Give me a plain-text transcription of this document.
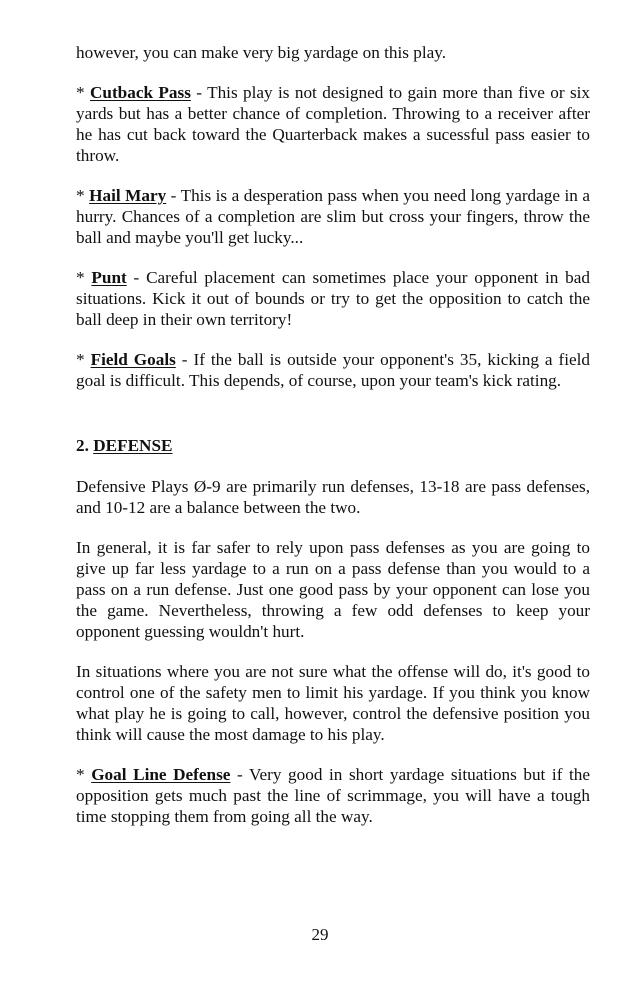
however, you can make very big yardage on this play.

* Cutback Pass - This play is not designed to gain more than five or six yards but has a better chance of completion. Throwing to a receiver after he has cut back toward the Quarterback makes a sucessful pass easier to throw.

* Hail Mary - This is a desperation pass when you need long yardage in a hurry. Chances of a completion are slim but cross your fingers, throw the ball and maybe you'll get lucky...

* Punt - Careful placement can sometimes place your opponent in bad situations. Kick it out of bounds or try to get the opposition to catch the ball deep in their own territory!

* Field Goals - If the ball is outside your opponent's 35, kicking a field goal is difficult. This depends, of course, upon your team's kick rating.

2. DEFENSE

Defensive Plays Ø-9 are primarily run defenses, 13-18 are pass defenses, and 10-12 are a balance between the two.

In general, it is far safer to rely upon pass defenses as you are going to give up far less yardage to a run on a pass defense than you would to a pass on a run defense. Just one good pass by your opponent can lose you the game. Nevertheless, throwing a few odd defenses to keep your opponent guessing wouldn't hurt.

In situations where you are not sure what the offense will do, it's good to control one of the safety men to limit his yardage. If you think you know what play he is going to call, however, control the defensive position you think will cause the most damage to his play.

* Goal Line Defense - Very good in short yardage situations but if the opposition gets much past the line of scrimmage, you will have a tough time stopping them from going all the way.

29
